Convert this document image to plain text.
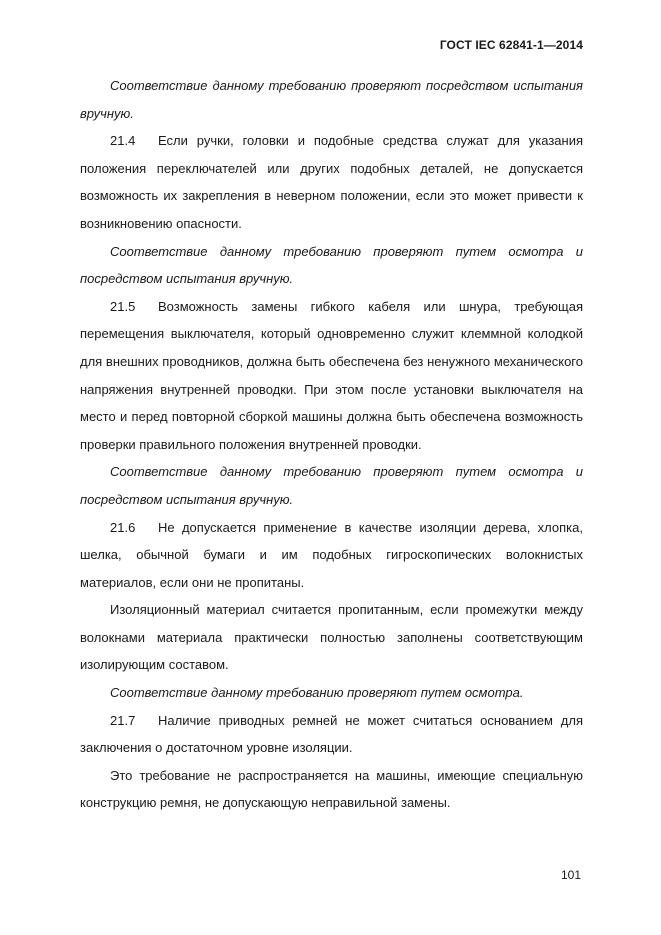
ГОСТ IEC 62841-1—2014

Соответствие данному требованию проверяют посредством испытания вручную.

21.4 Если ручки, головки и подобные средства служат для указания положения переключателей или других подобных деталей, не допускается возможность их закрепления в неверном положении, если это может привести к возникновению опасности.

Соответствие данному требованию проверяют путем осмотра и посредством испытания вручную.

21.5 Возможность замены гибкого кабеля или шнура, требующая перемещения выключателя, который одновременно служит клеммной колодкой для внешних проводников, должна быть обеспечена без ненужного механического напряжения внутренней проводки. При этом после установки выключателя на место и перед повторной сборкой машины должна быть обеспечена возможность проверки правильного положения внутренней проводки.

Соответствие данному требованию проверяют путем осмотра и посредством испытания вручную.

21.6 Не допускается применение в качестве изоляции дерева, хлопка, шелка, обычной бумаги и им подобных гигроскопических волокнистых материалов, если они не пропитаны.

Изоляционный материал считается пропитанным, если промежутки между волокнами материала практически полностью заполнены соответствующим изолирующим составом.

Соответствие данному требованию проверяют путем осмотра.

21.7 Наличие приводных ремней не может считаться основанием для заключения о достаточном уровне изоляции.

Это требование не распространяется на машины, имеющие специальную конструкцию ремня, не допускающую неправильной замены.

101
